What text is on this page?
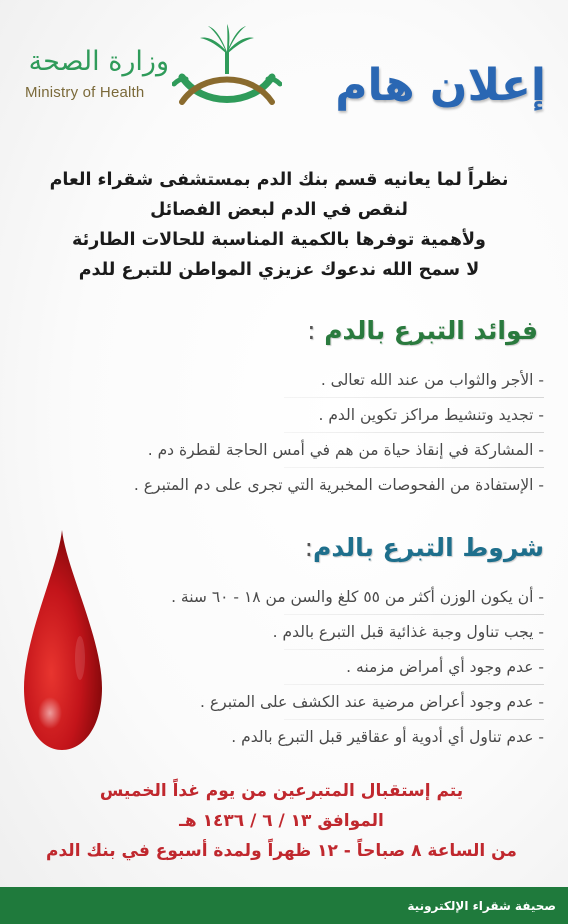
وزارة الصحة
Ministry of Health	إعلان هام
نظراً لما يعانيه قسم بنك الدم بمستشفى شقراء العام
لنقص في الدم لبعض الفصائل
ولأهمية توفرها بالكمية المناسبة للحالات الطارئة
لا سمح الله ندعوك عزيزي المواطن للتبرع للدم
فوائد التبرع بالدم :
- الأجر والثواب من عند الله تعالى .
- تجديد وتنشيط مراكز تكوين الدم .
- المشاركة في إنقاذ حياة من هم في أمس الحاجة لقطرة دم .
- الإستفادة من الفحوصات المخبرية التي تجرى على دم المتبرع .
شروط التبرع بالدم:
- أن يكون الوزن أكثر من ٥٥ كلغ والسن من ١٨ - ٦٠ سنة .
- يجب تناول وجبة غذائية قبل التبرع بالدم .
- عدم وجود أي أمراض مزمنه .
- عدم وجود أعراض مرضية عند الكشف على المتبرع .
- عدم تناول أي أدوية أو عقاقير قبل التبرع بالدم .
يتم إستقبال المتبرعين من يوم غداً الخميس
الموافق ١٣ / ٦ / ١٤٣٦ هـ
من الساعة ٨ صباحاً - ١٢ ظهراً ولمدة أسبوع في بنك الدم
صحيفة شقراء الإلكترونية
